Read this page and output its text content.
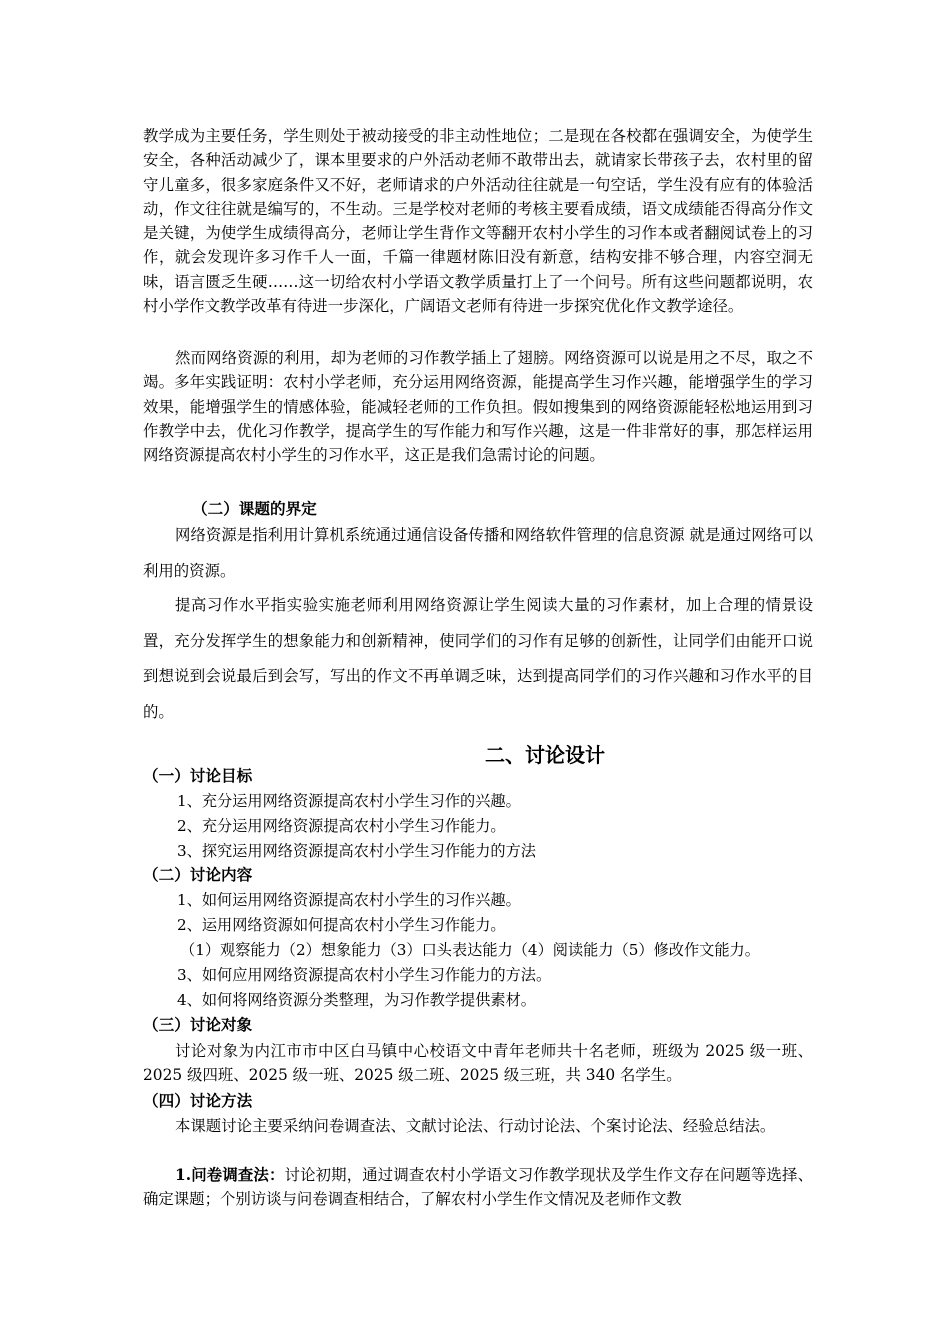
教学成为主要任务，学生则处于被动接受的非主动性地位；二是现在各校都在强调安全，为使学生安全，各种活动减少了，课本里要求的户外活动老师不敢带出去，就请家长带孩子去，农村里的留守儿童多，很多家庭条件又不好，老师请求的户外活动往往就是一句空话，学生没有应有的体验活动，作文往往就是编写的，不生动。三是学校对老师的考核主要看成绩，语文成绩能否得高分作文是关键，为使学生成绩得高分，老师让学生背作文等翻开农村小学生的习作本或者翻阅试卷上的习作，就会发现许多习作千人一面，千篇一律题材陈旧没有新意，结构安排不够合理，内容空洞无味，语言匮乏生硬……这一切给农村小学语文教学质量打上了一个问号。所有这些问题都说明，农村小学作文教学改革有待进一步深化，广阔语文老师有待进一步探究优化作文教学途径。

然而网络资源的利用，却为老师的习作教学插上了翅膀。网络资源可以说是用之不尽，取之不竭。多年实践证明：农村小学老师，充分运用网络资源，能提高学生习作兴趣，能增强学生的学习效果，能增强学生的情感体验，能减轻老师的工作负担。假如搜集到的网络资源能轻松地运用到习作教学中去，优化习作教学，提高学生的写作能力和写作兴趣，这是一件非常好的事，那怎样运用网络资源提高农村小学生的习作水平，这正是我们急需讨论的问题。

（二）课题的界定

网络资源是指利用计算机系统通过通信设备传播和网络软件管理的信息资源 就是通过网络可以利用的资源。

提高习作水平指实验实施老师利用网络资源让学生阅读大量的习作素材，加上合理的情景设置，充分发挥学生的想象能力和创新精神，使同学们的习作有足够的创新性，让同学们由能开口说到想说到会说最后到会写，写出的作文不再单调乏味，达到提高同学们的习作兴趣和习作水平的目的。

二、讨论设计

（一）讨论目标

1、充分运用网络资源提高农村小学生习作的兴趣。

2、充分运用网络资源提高农村小学生习作能力。

3、探究运用网络资源提高农村小学生习作能力的方法

（二）讨论内容

1、如何运用网络资源提高农村小学生的习作兴趣。

2、运用网络资源如何提高农村小学生习作能力。

（1）观察能力（2）想象能力（3）口头表达能力（4）阅读能力（5）修改作文能力。

3、如何应用网络资源提高农村小学生习作能力的方法。

4、如何将网络资源分类整理，为习作教学提供素材。

（三）讨论对象

讨论对象为内江市市中区白马镇中心校语文中青年老师共十名老师，班级为 2025 级一班、2025 级四班、2025 级一班、2025 级二班、2025 级三班，共 340 名学生。

（四）讨论方法

本课题讨论主要采纳问卷调查法、文献讨论法、行动讨论法、个案讨论法、经验总结法。

1.问卷调查法：讨论初期，通过调查农村小学语文习作教学现状及学生作文存在问题等选择、确定课题；个别访谈与问卷调查相结合，了解农村小学生作文情况及老师作文教
